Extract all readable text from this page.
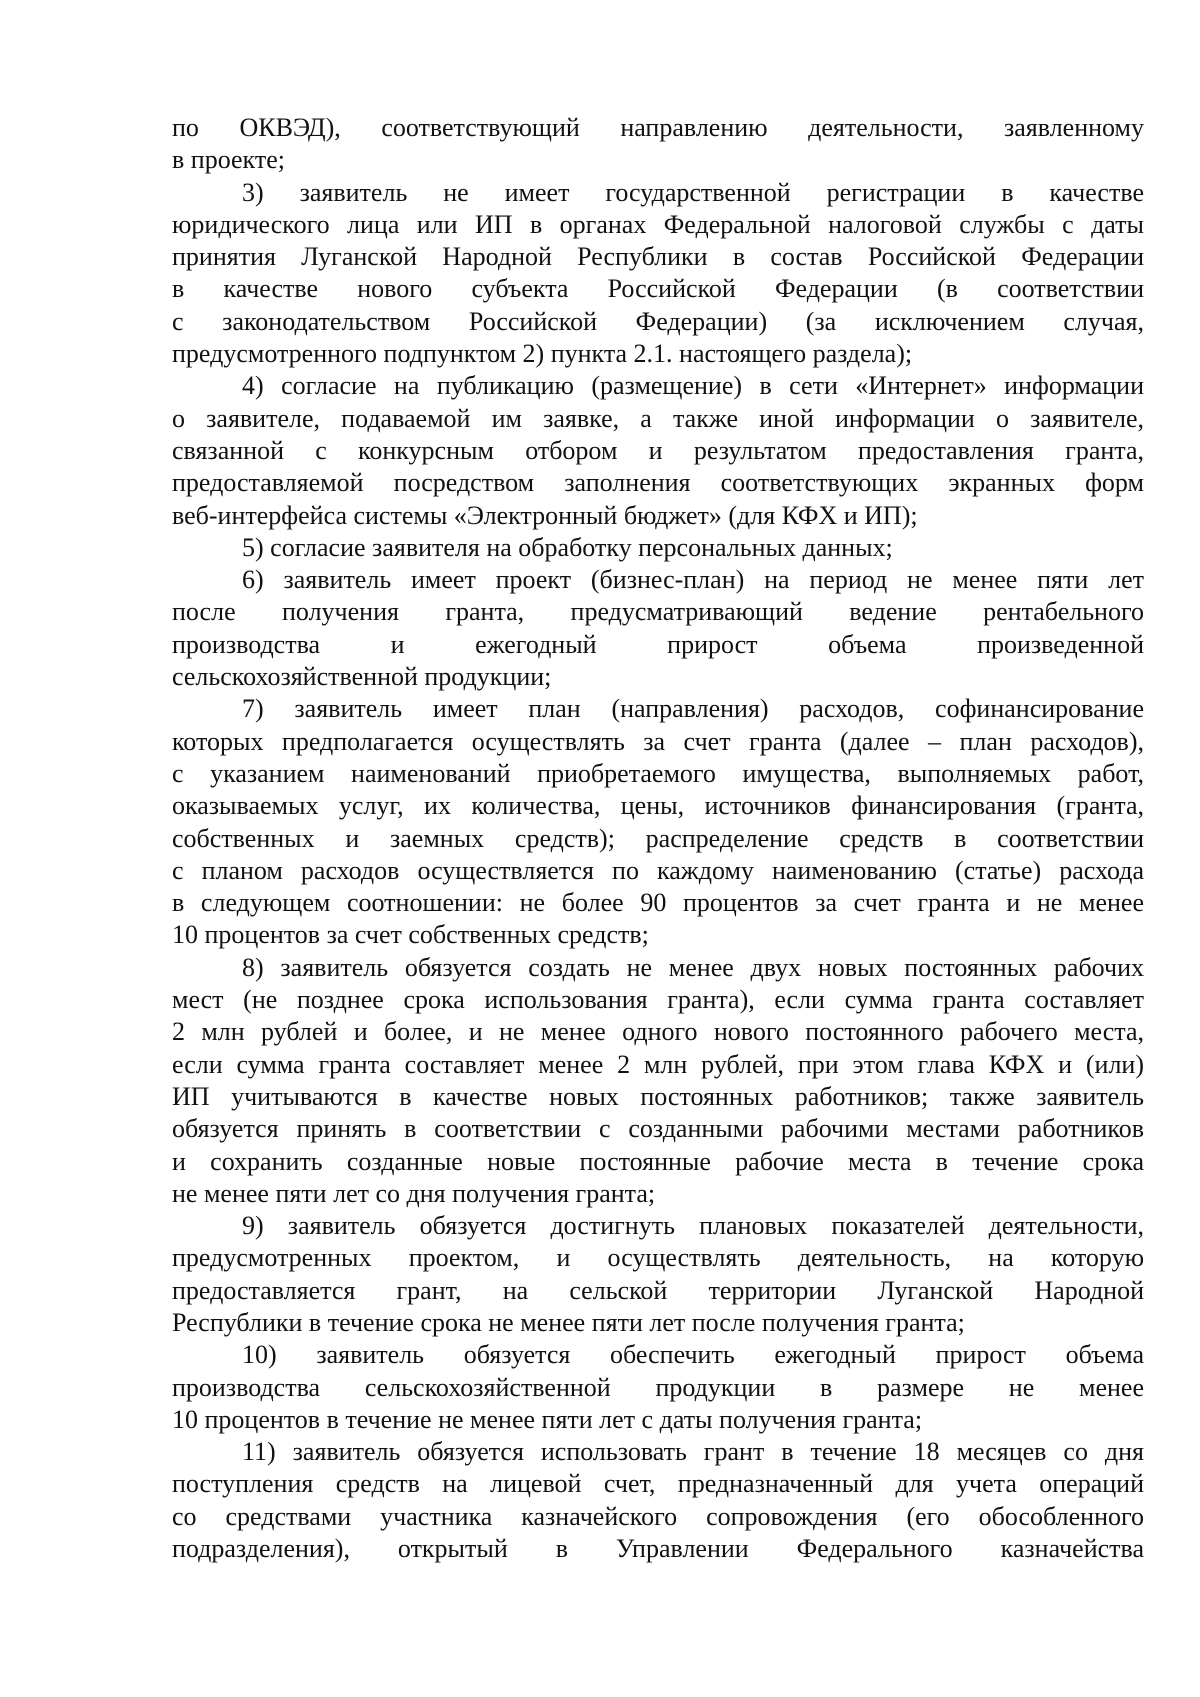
по ОКВЭД), соответствующий направлению деятельности, заявленному
в проекте;

3) заявитель не имеет государственной регистрации в качестве
юридического лица или ИП в органах Федеральной налоговой службы с даты
принятия Луганской Народной Республики в состав Российской Федерации
в качестве нового субъекта Российской Федерации (в соответствии
с законодательством Российской Федерации) (за исключением случая,
предусмотренного подпунктом 2) пункта 2.1. настоящего раздела);

4) согласие на публикацию (размещение) в сети «Интернет» информации
о заявителе, подаваемой им заявке, а также иной информации о заявителе,
связанной с конкурсным отбором и результатом предоставления гранта,
предоставляемой посредством заполнения соответствующих экранных форм
веб-интерфейса системы «Электронный бюджет» (для КФХ и ИП);

5) согласие заявителя на обработку персональных данных;

6) заявитель имеет проект (бизнес-план) на период не менее пяти лет
после получения гранта, предусматривающий ведение рентабельного
производства и ежегодный прирост объема произведенной
сельскохозяйственной продукции;

7) заявитель имеет план (направления) расходов, софинансирование
которых предполагается осуществлять за счет гранта (далее – план расходов),
с указанием наименований приобретаемого имущества, выполняемых работ,
оказываемых услуг, их количества, цены, источников финансирования (гранта,
собственных и заемных средств); распределение средств в соответствии
с планом расходов осуществляется по каждому наименованию (статье) расхода
в следующем соотношении: не более 90 процентов за счет гранта и не менее
10 процентов за счет собственных средств;

8) заявитель обязуется создать не менее двух новых постоянных рабочих
мест (не позднее срока использования гранта), если сумма гранта составляет
2 млн рублей и более, и не менее одного нового постоянного рабочего места,
если сумма гранта составляет менее 2 млн рублей, при этом глава КФХ и (или)
ИП учитываются в качестве новых постоянных работников; также заявитель
обязуется принять в соответствии с созданными рабочими местами работников
и сохранить созданные новые постоянные рабочие места в течение срока
не менее пяти лет со дня получения гранта;

9) заявитель обязуется достигнуть плановых показателей деятельности,
предусмотренных проектом, и осуществлять деятельность, на которую
предоставляется грант, на сельской территории Луганской Народной
Республики в течение срока не менее пяти лет после получения гранта;

10) заявитель обязуется обеспечить ежегодный прирост объема
производства сельскохозяйственной продукции в размере не менее
10 процентов в течение не менее пяти лет с даты получения гранта;

11) заявитель обязуется использовать грант в течение 18 месяцев со дня
поступления средств на лицевой счет, предназначенный для учета операций
со средствами участника казначейского сопровождения (его обособленного
подразделения), открытый в Управлении Федерального казначейства
